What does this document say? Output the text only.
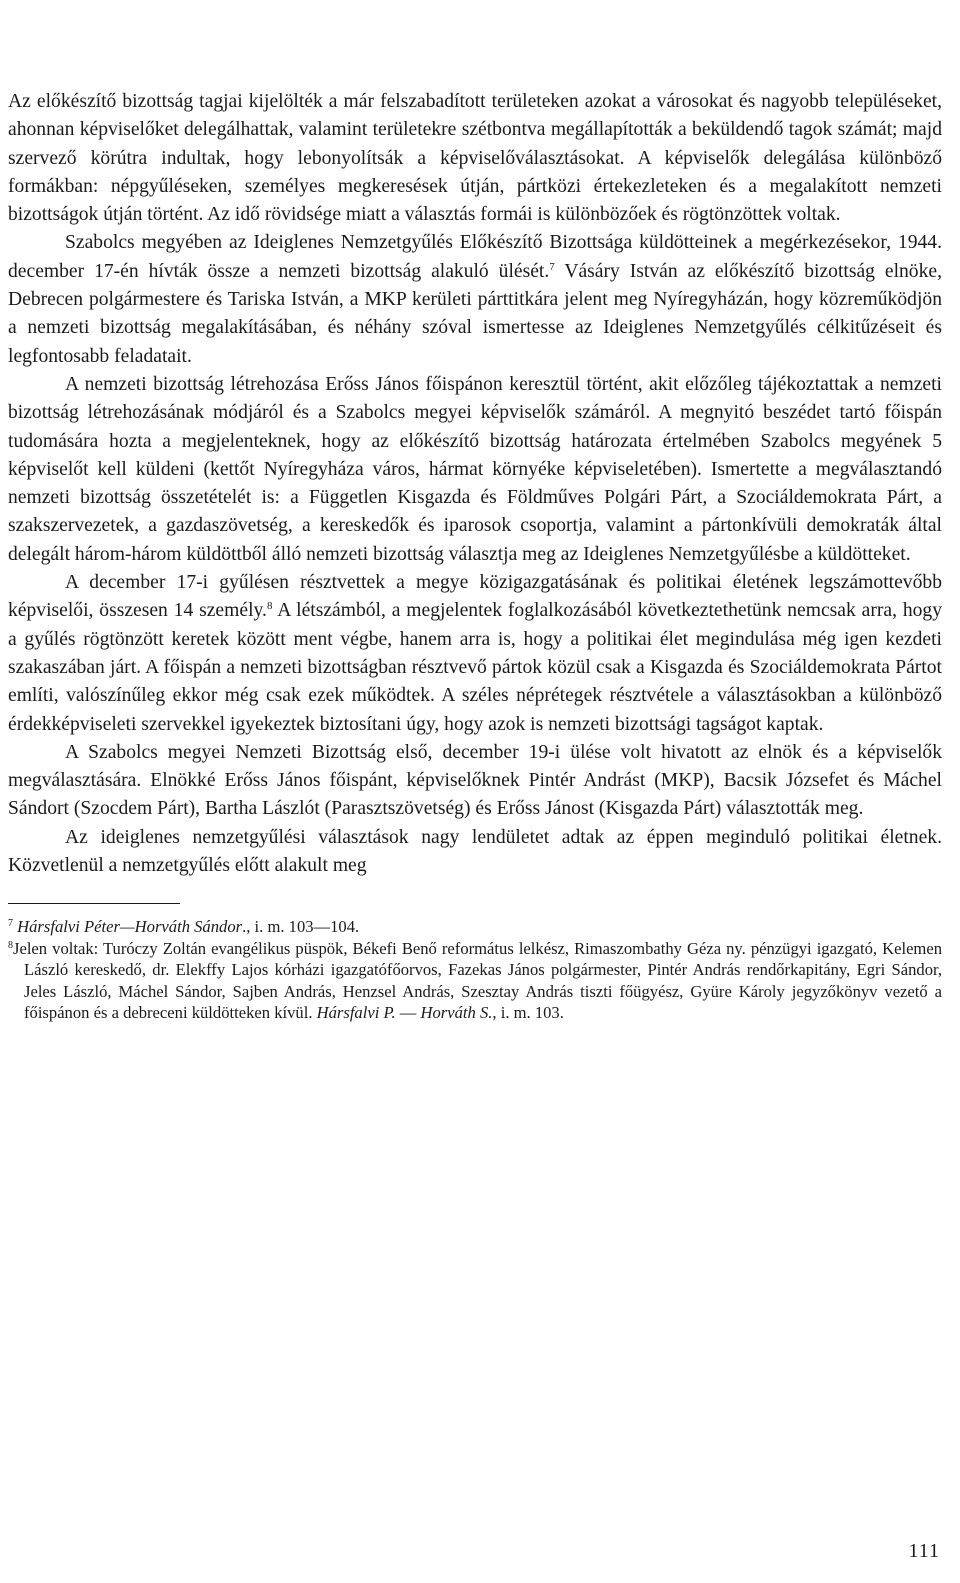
Az előkészítő bizottság tagjai kijelölték a már felszabadított területeken azokat a városokat és nagyobb településeket, ahonnan képviselőket delegálhattak, valamint területekre szétbontva megállapították a beküldendő tagok számát; majd szervező körútra indultak, hogy lebonyolítsák a képviselőválasztásokat. A képviselők delegálása különböző formákban: népgyűléseken, személyes megkeresések útján, pártközi értekezleteken és a megalakított nemzeti bizottságok útján történt. Az idő rövidsége miatt a választás formái is különbözőek és rögtönzöttek voltak.

Szabolcs megyében az Ideiglenes Nemzetgyűlés Előkészítő Bizottsága küldötteinek a megérkezésekor, 1944. december 17-én hívták össze a nemzeti bizottság alakuló ülését.$^7$ Vásáry István az előkészítő bizottság elnöke, Debrecen polgármestere és Tariska István, a MKP kerületi párttitkára jelent meg Nyíregyházán, hogy közreműködjön a nemzeti bizottság megalakításában, és néhány szóval ismertesse az Ideiglenes Nemzetgyűlés célkitűzéseit és legfontosabb feladatait.

A nemzeti bizottság létrehozása Erőss János főispánon keresztül történt, akit előzőleg tájékoztattak a nemzeti bizottság létrehozásának módjáról és a Szabolcs megyei képviselők számáról. A megnyitó beszédet tartó főispán tudomására hozta a megjelenteknek, hogy az előkészítő bizottság határozata értelmében Szabolcs megyének 5 képviselőt kell küldeni (kettőt Nyíregyháza város, hármat környéke képviseletében). Ismertette a megválasztandó nemzeti bizottság összetételét is: a Független Kisgazda és Földműves Polgári Párt, a Szociáldemokrata Párt, a szakszervezetek, a gazdaszövetség, a kereskedők és iparosok csoportja, valamint a pártonkívüli demokraták által delegált három-három küldöttből álló nemzeti bizottság választja meg az Ideiglenes Nemzetgyűlésbe a küldötteket.

A december 17-i gyűlésen résztvettek a megye közigazgatásának és politikai életének legszámottevőbb képviselői, összesen 14 személy.$^8$ A létszámból, a megjelentek foglalkozásából következtethetünk nemcsak arra, hogy a gyűlés rögtönzött keretek között ment végbe, hanem arra is, hogy a politikai élet megindulása még igen kezdeti szakaszában járt. A főispán a nemzeti bizottságban résztvevő pártok közül csak a Kisgazda és Szociáldemokrata Pártot említi, valószínűleg ekkor még csak ezek működtek. A széles néprétegek résztvétele a választásokban a különböző érdekképviseleti szervekkel igyekeztek biztosítani úgy, hogy azok is nemzeti bizottsági tagságot kaptak.

A Szabolcs megyei Nemzeti Bizottság első, december 19-i ülése volt hivatott az elnök és a képviselők megválasztására. Elnökké Erőss János főispánt, képviselőknek Pintér Andrást (MKP), Bacsik Józsefet és Máchel Sándort (Szocdem Párt), Bartha Lászlót (Parasztszövetség) és Erőss Jánost (Kisgazda Párt) választották meg.

Az ideiglenes nemzetgyűlési választások nagy lendületet adtak az éppen meginduló politikai életnek. Közvetlenül a nemzetgyűlés előtt alakult meg

$^7$ Hársfalvi Péter—Horváth Sándor., i. m. 103—104.

$^8$Jelen voltak: Turóczy Zoltán evangélikus püspök, Békefi Benő református lelkész, Rimaszombathy Géza ny. pénzügyi igazgató, Kelemen László kereskedő, dr. Elekffy Lajos kórházi igazgatófőorvos, Fazekas János polgármester, Pintér András rendőrkapitány, Egri Sándor, Jeles László, Máchel Sándor, Sajben András, Henzsel András, Szesztay András tiszti főügyész, Gyüre Károly jegyzőkönyv vezető a főispánon és a debreceni küldötteken kívül. Hársfalvi P. — Horváth S., i. m. 103.

111
